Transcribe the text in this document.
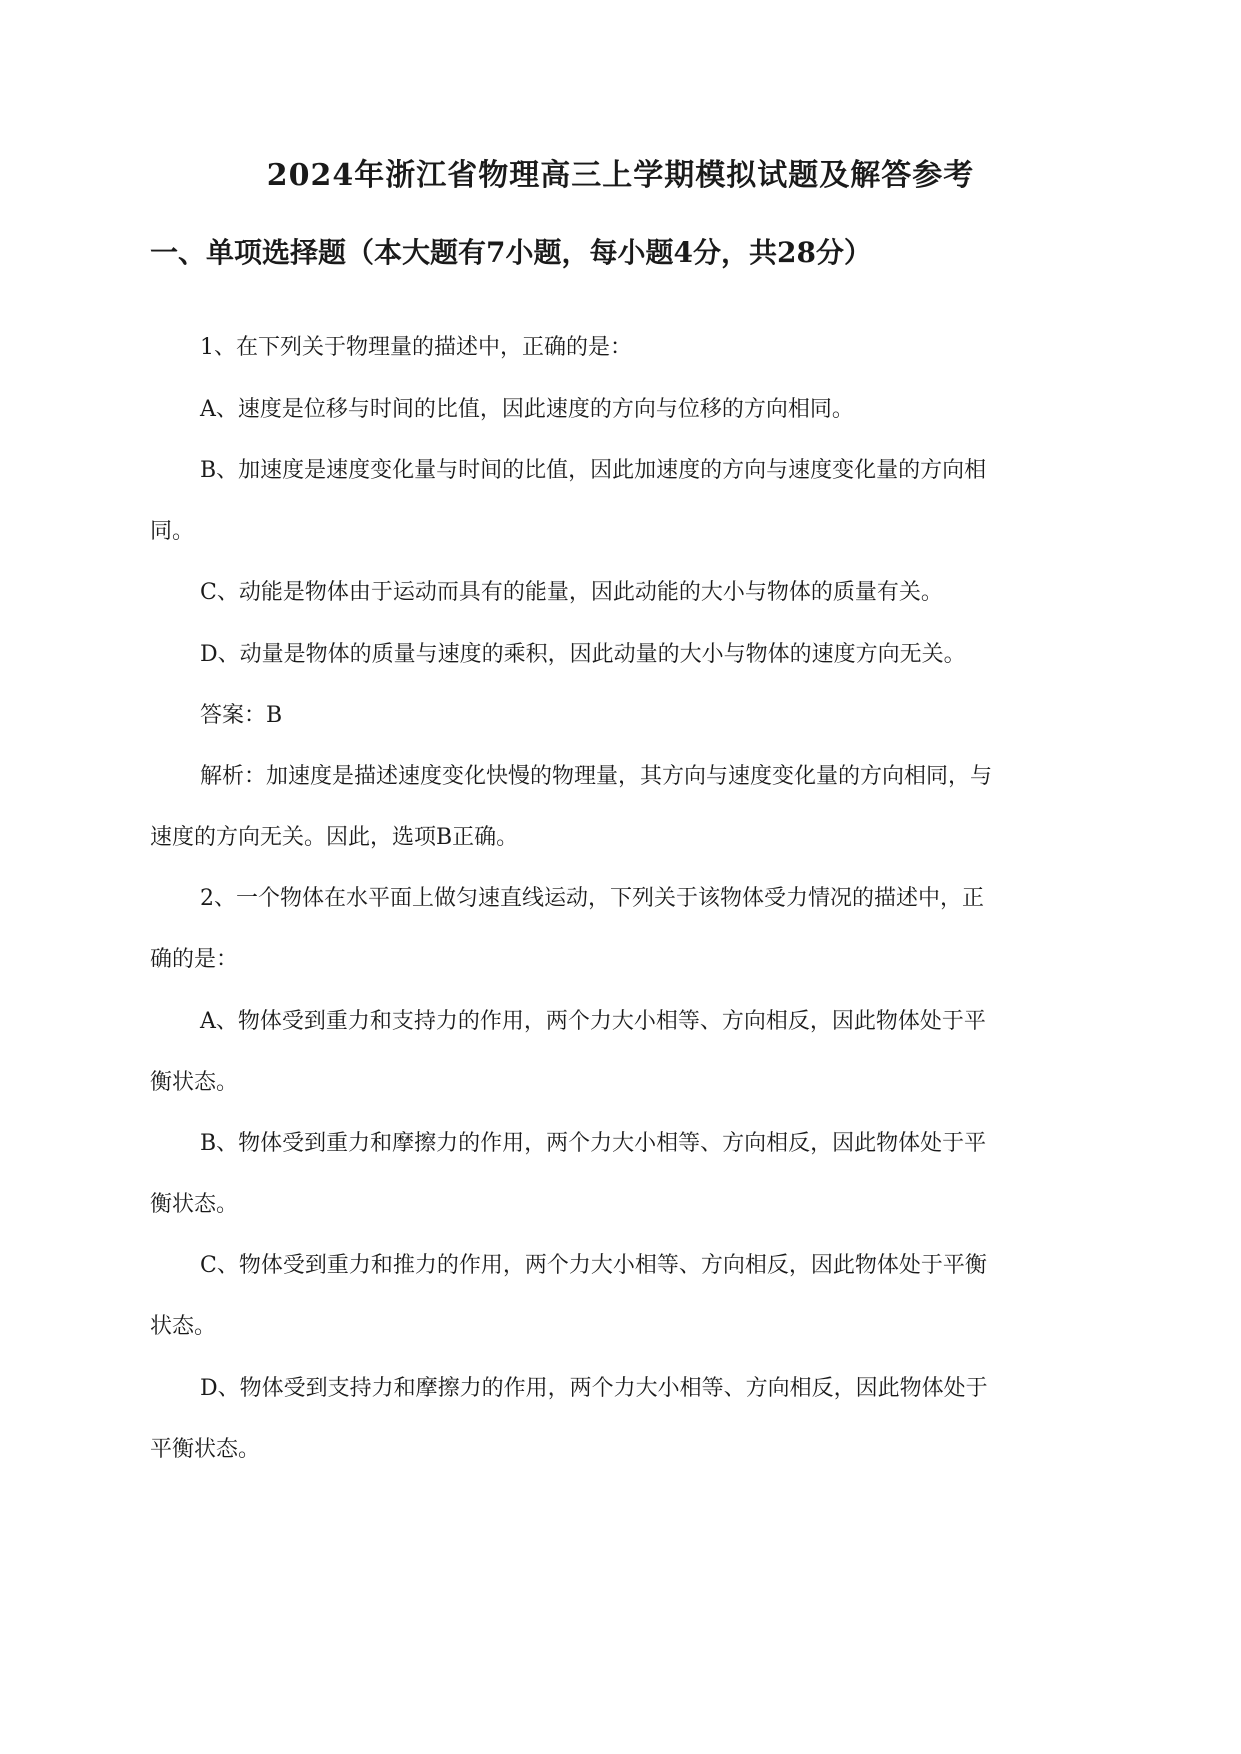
2024年浙江省物理高三上学期模拟试题及解答参考
一、单项选择题（本大题有7小题，每小题4分，共28分）

1、在下列关于物理量的描述中，正确的是：

A、速度是位移与时间的比值，因此速度的方向与位移的方向相同。

B、加速度是速度变化量与时间的比值，因此加速度的方向与速度变化量的方向相

同。

C、动能是物体由于运动而具有的能量，因此动能的大小与物体的质量有关。

D、动量是物体的质量与速度的乘积，因此动量的大小与物体的速度方向无关。

答案：B

解析：加速度是描述速度变化快慢的物理量，其方向与速度变化量的方向相同，与

速度的方向无关。因此，选项B正确。

2、一个物体在水平面上做匀速直线运动，下列关于该物体受力情况的描述中，正

确的是：

A、物体受到重力和支持力的作用，两个力大小相等、方向相反，因此物体处于平

衡状态。

B、物体受到重力和摩擦力的作用，两个力大小相等、方向相反，因此物体处于平

衡状态。

C、物体受到重力和推力的作用，两个力大小相等、方向相反，因此物体处于平衡

状态。

D、物体受到支持力和摩擦力的作用，两个力大小相等、方向相反，因此物体处于

平衡状态。
